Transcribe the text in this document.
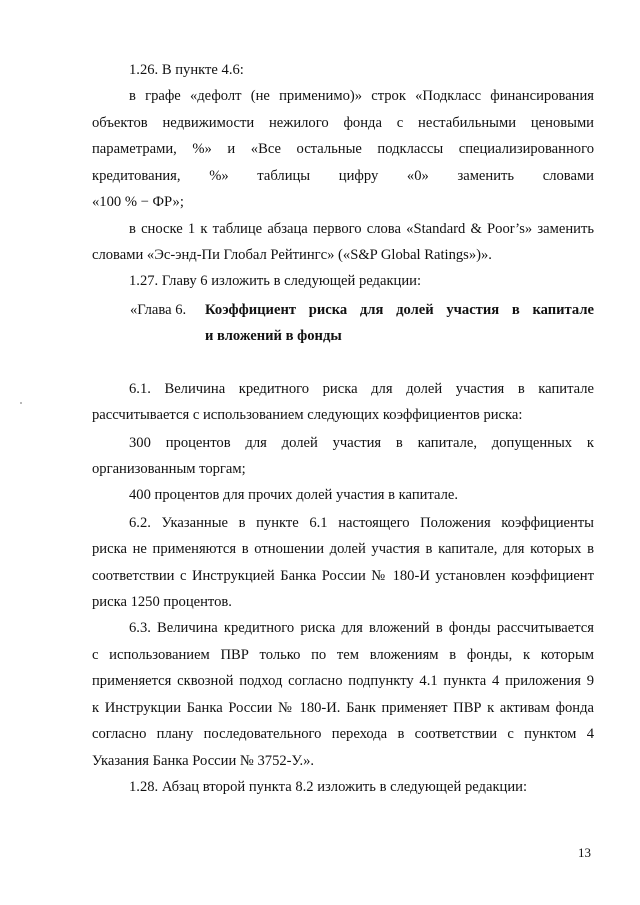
1.26. В пункте 4.6:
в графе «дефолт (не применимо)» строк «Подкласс финансирования
объектов недвижимости нежилого фонда с нестабильными ценовыми
параметрами, %» и «Все остальные подклассы специализированного
кредитования, %» таблицы цифру «0» заменить словами
«100 % − ФР»;
в сноске 1 к таблице абзаца первого слова «Standard & Poor’s» заменить
словами «Эс-энд-Пи Глобал Рейтингс» («S&P Global Ratings»)».
1.27. Главу 6 изложить в следующей редакции:
«Глава 6. Коэффициент риска для долей участия в капитале
и вложений в фонды
6.1. Величина кредитного риска для долей участия в капитале
рассчитывается с использованием следующих коэффициентов риска:
300 процентов для долей участия в капитале, допущенных к
организованным торгам;
400 процентов для прочих долей участия в капитале.
6.2. Указанные в пункте 6.1 настоящего Положения коэффициенты
риска не применяются в отношении долей участия в капитале, для которых в
соответствии с Инструкцией Банка России № 180-И установлен коэффициент
риска 1250 процентов.
6.3. Величина кредитного риска для вложений в фонды рассчитывается
с использованием ПВР только по тем вложениям в фонды, к которым
применяется сквозной подход согласно подпункту 4.1 пункта 4 приложения 9
к Инструкции Банка России № 180-И. Банк применяет ПВР к активам фонда
согласно плану последовательного перехода в соответствии с пунктом 4
Указания Банка России № 3752-У.».
1.28. Абзац второй пункта 8.2 изложить в следующей редакции:
13
